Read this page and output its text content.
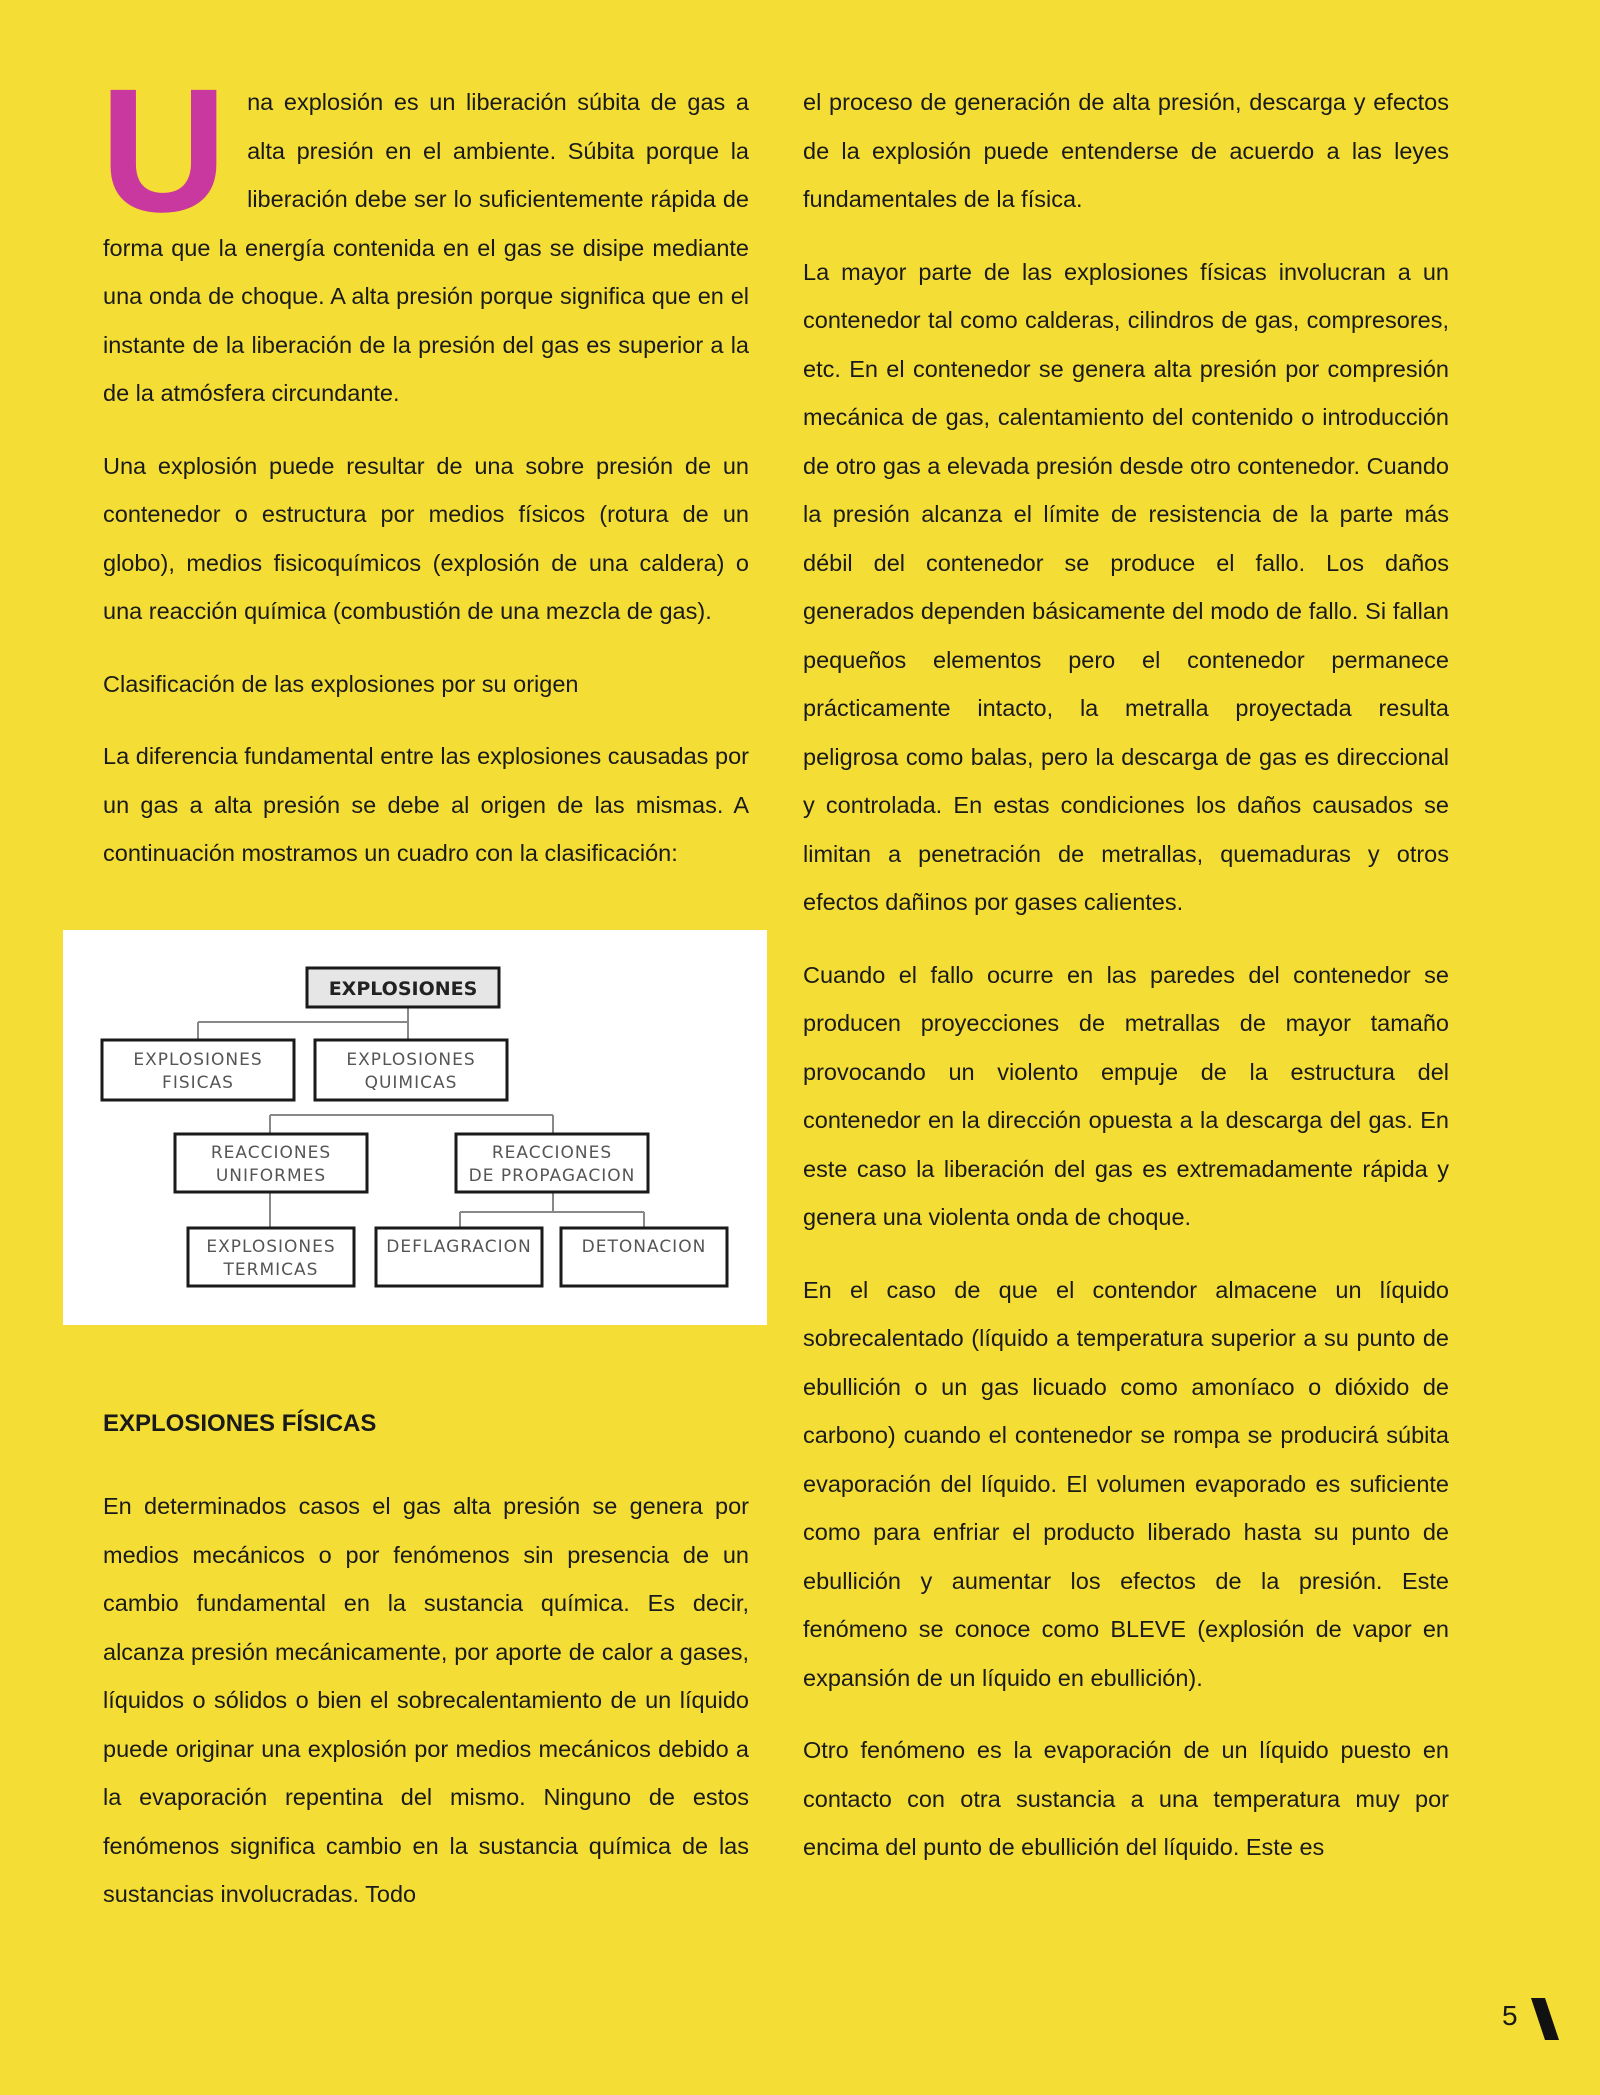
Una explosión es un liberación súbita de gas a alta presión en el ambiente. Súbita porque la liberación debe ser lo suficientemente rápida de forma que la energía contenida en el gas se disipe mediante una onda de choque. A alta presión porque significa que en el instante de la liberación de la presión del gas es superior a la de la atmósfera circundante.

Una explosión puede resultar de una sobre presión de un contenedor o estructura por medios físicos (rotura de un globo), medios fisicoquímicos (explosión de una caldera) o una reacción química (combustión de una mezcla de gas).

Clasificación de las explosiones por su origen

La diferencia fundamental entre las explosiones causadas por un gas a alta presión se debe al origen de las mismas. A continuación mostramos un cuadro con la clasificación:

EXPLOSIONES
EXPLOSIONES
FISICAS
EXPLOSIONES
QUIMICAS
REACCIONES
UNIFORMES
REACCIONES
DE PROPAGACION
EXPLOSIONES
TERMICAS
DEFLAGRACION	DETONACION
EXPLOSIONES FÍSICAS

En determinados casos el gas alta presión se genera por medios mecánicos o por fenómenos sin presencia de un cambio fundamental en la sustancia química. Es decir, alcanza presión mecánicamente, por aporte de calor a gases, líquidos o sólidos o bien el sobrecalentamiento de un líquido puede originar una explosión por medios mecánicos debido a la evaporación repentina del mismo. Ninguno de estos fenómenos significa cambio en la sustancia química de las sustancias involucradas. Todo

el proceso de generación de alta presión, descarga y efectos de la explosión puede entenderse de acuerdo a las leyes fundamentales de la física.

La mayor parte de las explosiones físicas involucran a un contenedor tal como calderas, cilindros de gas, compresores, etc. En el contenedor se genera alta presión por compresión mecánica de gas, calentamiento del contenido o introducción de otro gas a elevada presión desde otro contenedor. Cuando la presión alcanza el límite de resistencia de la parte más débil del contenedor se produce el fallo. Los daños generados dependen básicamente del modo de fallo. Si fallan pequeños elementos pero el contenedor permanece prácticamente intacto, la metralla proyectada resulta peligrosa como balas, pero la descarga de gas es direccional y controlada. En estas condiciones los daños causados se limitan a penetración de metrallas, quemaduras y otros efectos dañinos por gases calientes.

Cuando el fallo ocurre en las paredes del contenedor se producen proyecciones de metrallas de mayor tamaño provocando un violento empuje de la estructura del contenedor en la dirección opuesta a la descarga del gas. En este caso la liberación del gas es extremadamente rápida y genera una violenta onda de choque.

En el caso de que el contendor almacene un líquido sobrecalentado (líquido a temperatura superior a su punto de ebullición o un gas licuado como amoníaco o dióxido de carbono) cuando el contenedor se rompa se producirá súbita evaporación del líquido. El volumen evaporado es suficiente como para enfriar el producto liberado hasta su punto de ebullición y aumentar los efectos de la presión. Este fenómeno se conoce como BLEVE (explosión de vapor en expansión de un líquido en ebullición).

Otro fenómeno es la evaporación de un líquido puesto en contacto con otra sustancia a una temperatura muy por encima del punto de ebullición del líquido. Este es

5
